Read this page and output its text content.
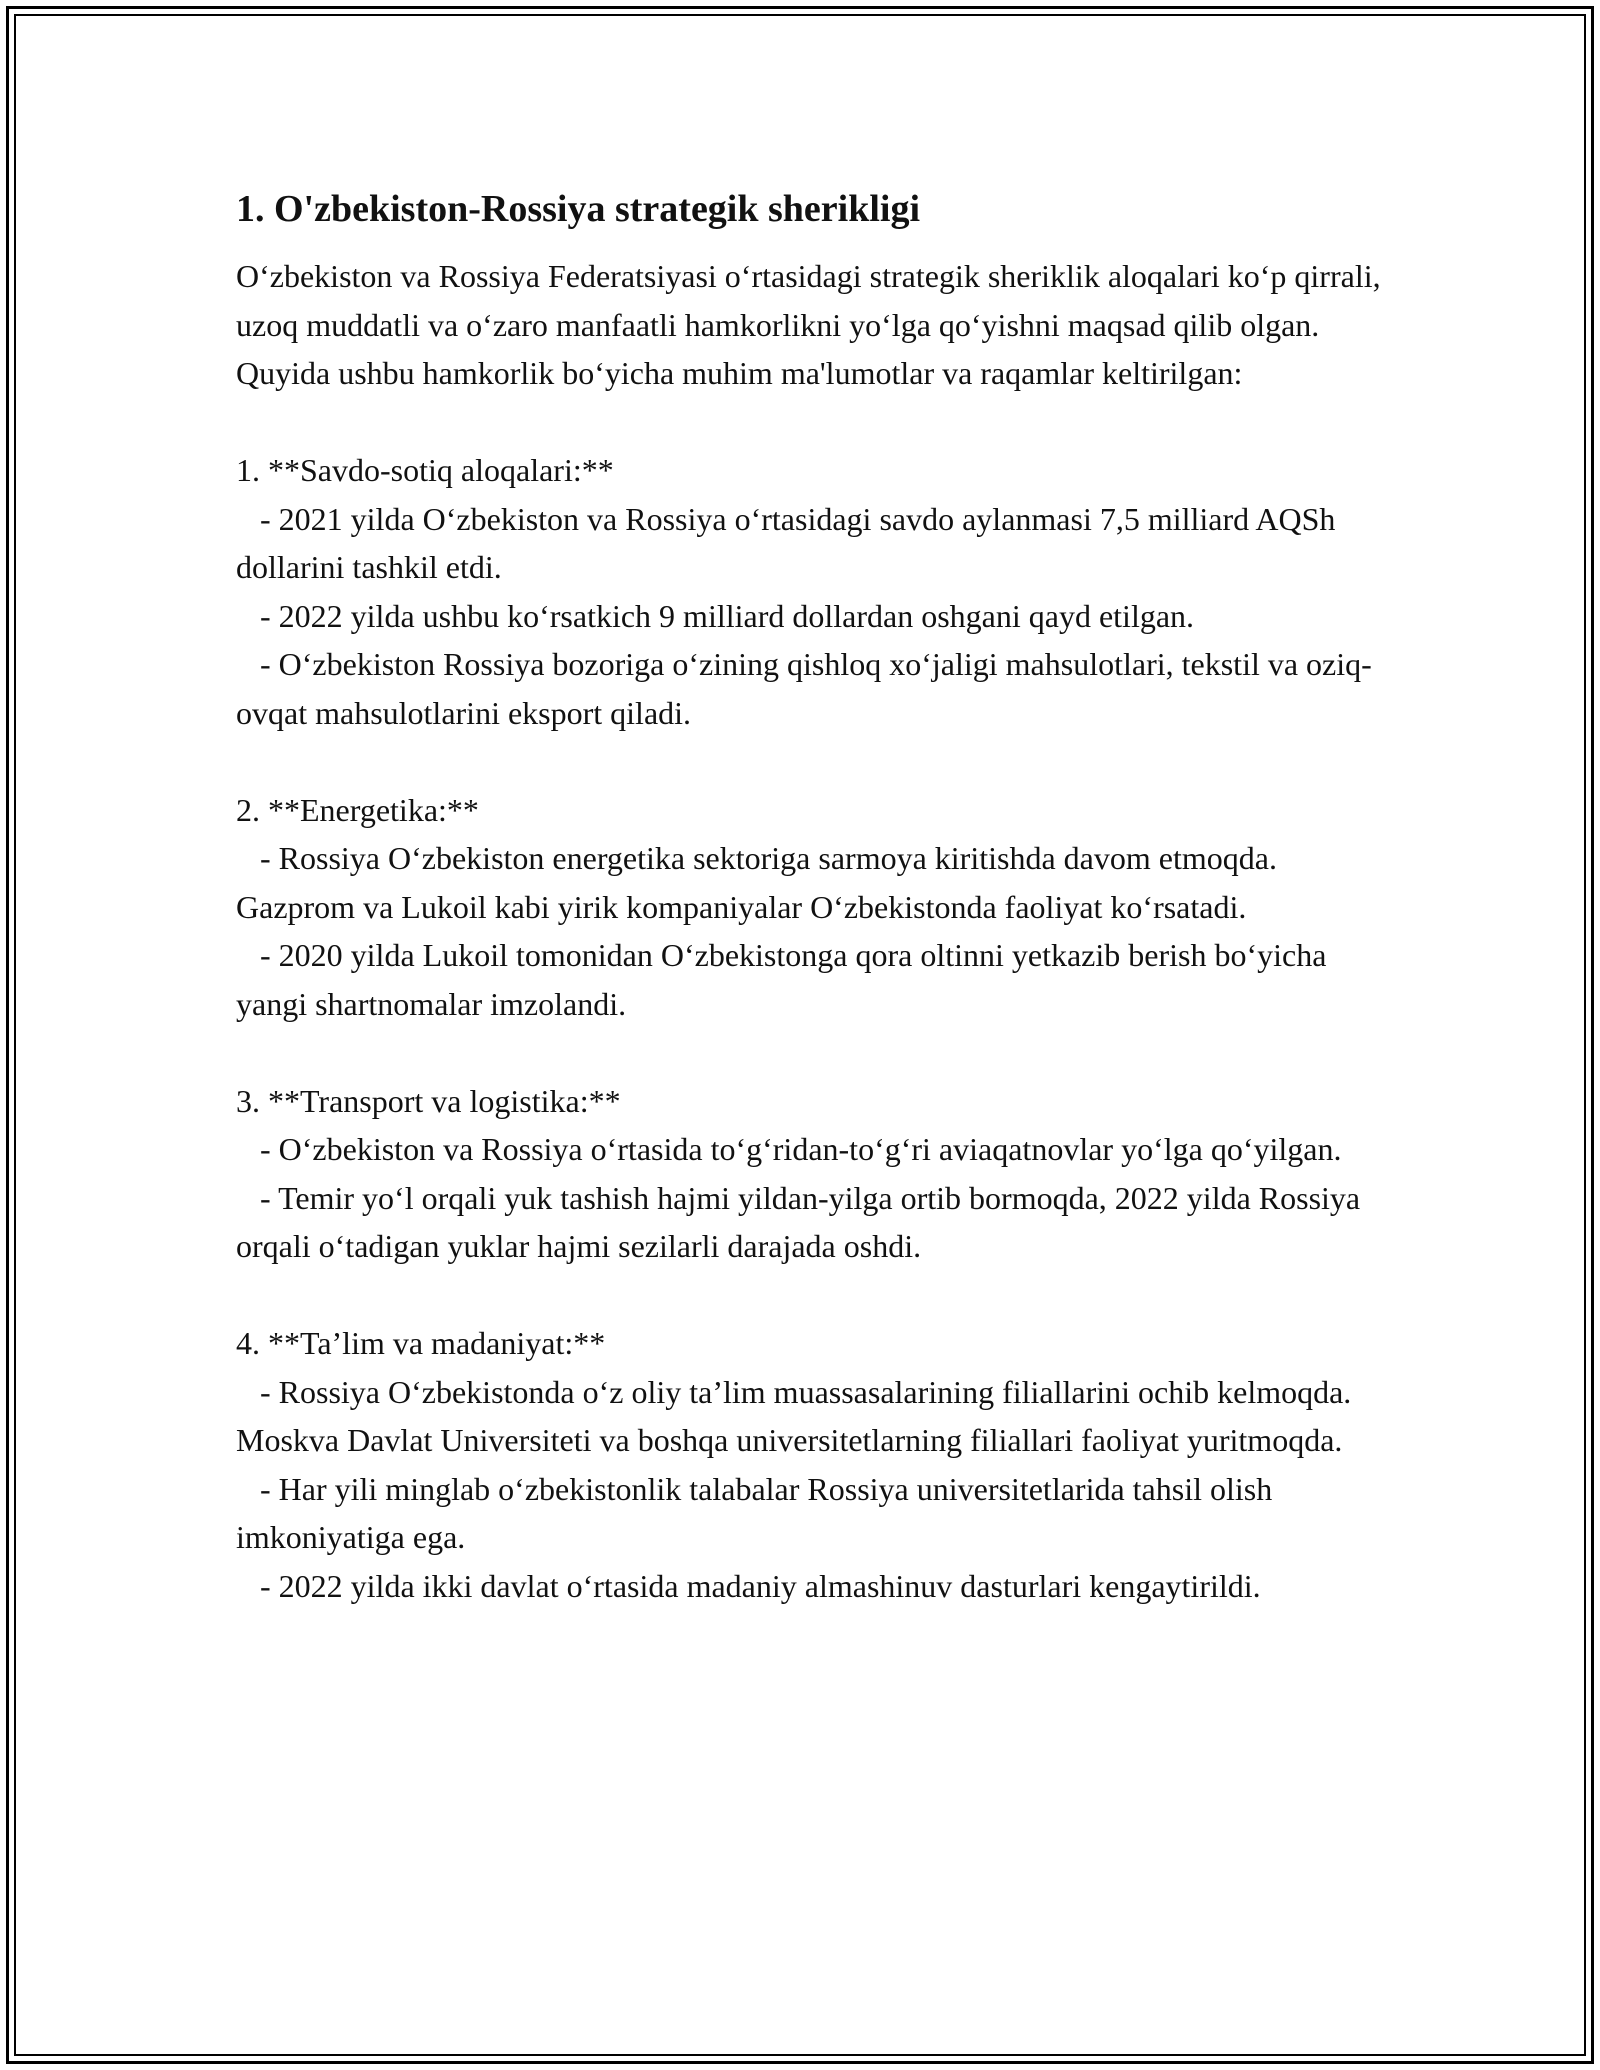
1. O'zbekiston-Rossiya strategik sherikligi

O‘zbekiston va Rossiya Federatsiyasi o‘rtasidagi strategik sheriklik aloqalari ko‘p qirrali, uzoq muddatli va o‘zaro manfaatli hamkorlikni yo‘lga qo‘yishni maqsad qilib olgan. Quyida ushbu hamkorlik bo‘yicha muhim ma'lumotlar va raqamlar keltirilgan:

1. **Savdo-sotiq aloqalari:**

- 2021 yilda O‘zbekiston va Rossiya o‘rtasidagi savdo aylanmasi 7,5 milliard AQSh dollarini tashkil etdi.

- 2022 yilda ushbu ko‘rsatkich 9 milliard dollardan oshgani qayd etilgan.

- O‘zbekiston Rossiya bozoriga o‘zining qishloq xo‘jaligi mahsulotlari, tekstil va oziq-ovqat mahsulotlarini eksport qiladi.

2. **Energetika:**

- Rossiya O‘zbekiston energetika sektoriga sarmoya kiritishda davom etmoqda. Gazprom va Lukoil kabi yirik kompaniyalar O‘zbekistonda faoliyat ko‘rsatadi.

- 2020 yilda Lukoil tomonidan O‘zbekistonga qora oltinni yetkazib berish bo‘yicha yangi shartnomalar imzolandi.

3. **Transport va logistika:**

- O‘zbekiston va Rossiya o‘rtasida to‘g‘ridan-to‘g‘ri aviaqatnovlar yo‘lga qo‘yilgan.

- Temir yo‘l orqali yuk tashish hajmi yildan-yilga ortib bormoqda, 2022 yilda Rossiya orqali o‘tadigan yuklar hajmi sezilarli darajada oshdi.

4. **Ta’lim va madaniyat:**

- Rossiya O‘zbekistonda o‘z oliy ta’lim muassasalarining filiallarini ochib kelmoqda. Moskva Davlat Universiteti va boshqa universitetlarning filiallari faoliyat yuritmoqda.

- Har yili minglab o‘zbekistonlik talabalar Rossiya universitetlarida tahsil olish imkoniyatiga ega.

- 2022 yilda ikki davlat o‘rtasida madaniy almashinuv dasturlari kengaytirildi.
